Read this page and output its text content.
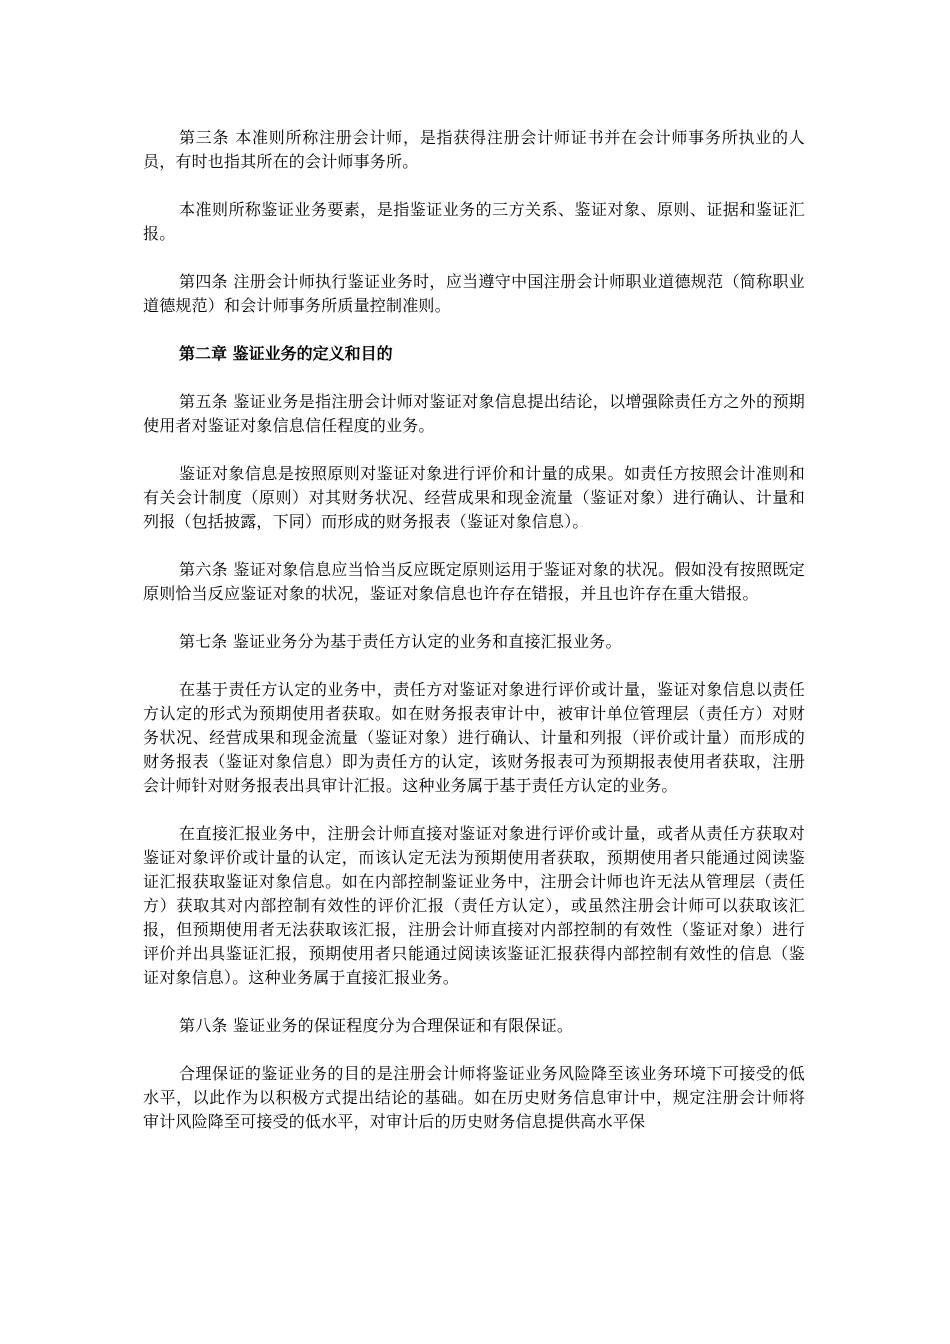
第三条 本准则所称注册会计师，是指获得注册会计师证书并在会计师事务所执业的人员，有时也指其所在的会计师事务所。

本准则所称鉴证业务要素，是指鉴证业务的三方关系、鉴证对象、原则、证据和鉴证汇报。

第四条 注册会计师执行鉴证业务时，应当遵守中国注册会计师职业道德规范（简称职业道德规范）和会计师事务所质量控制准则。

第二章 鉴证业务的定义和目的

第五条 鉴证业务是指注册会计师对鉴证对象信息提出结论，以增强除责任方之外的预期使用者对鉴证对象信息信任程度的业务。

鉴证对象信息是按照原则对鉴证对象进行评价和计量的成果。如责任方按照会计准则和有关会计制度（原则）对其财务状况、经营成果和现金流量（鉴证对象）进行确认、计量和列报（包括披露，下同）而形成的财务报表（鉴证对象信息）。

第六条 鉴证对象信息应当恰当反应既定原则运用于鉴证对象的状况。假如没有按照既定原则恰当反应鉴证对象的状况，鉴证对象信息也许存在错报，并且也许存在重大错报。

第七条 鉴证业务分为基于责任方认定的业务和直接汇报业务。

在基于责任方认定的业务中，责任方对鉴证对象进行评价或计量，鉴证对象信息以责任方认定的形式为预期使用者获取。如在财务报表审计中，被审计单位管理层（责任方）对财务状况、经营成果和现金流量（鉴证对象）进行确认、计量和列报（评价或计量）而形成的财务报表（鉴证对象信息）即为责任方的认定，该财务报表可为预期报表使用者获取，注册会计师针对财务报表出具审计汇报。这种业务属于基于责任方认定的业务。

在直接汇报业务中，注册会计师直接对鉴证对象进行评价或计量，或者从责任方获取对鉴证对象评价或计量的认定，而该认定无法为预期使用者获取，预期使用者只能通过阅读鉴证汇报获取鉴证对象信息。如在内部控制鉴证业务中，注册会计师也许无法从管理层（责任方）获取其对内部控制有效性的评价汇报（责任方认定），或虽然注册会计师可以获取该汇报，但预期使用者无法获取该汇报，注册会计师直接对内部控制的有效性（鉴证对象）进行评价并出具鉴证汇报，预期使用者只能通过阅读该鉴证汇报获得内部控制有效性的信息（鉴证对象信息）。这种业务属于直接汇报业务。

第八条 鉴证业务的保证程度分为合理保证和有限保证。

合理保证的鉴证业务的目的是注册会计师将鉴证业务风险降至该业务环境下可接受的低水平，以此作为以积极方式提出结论的基础。如在历史财务信息审计中，规定注册会计师将审计风险降至可接受的低水平，对审计后的历史财务信息提供高水平保
